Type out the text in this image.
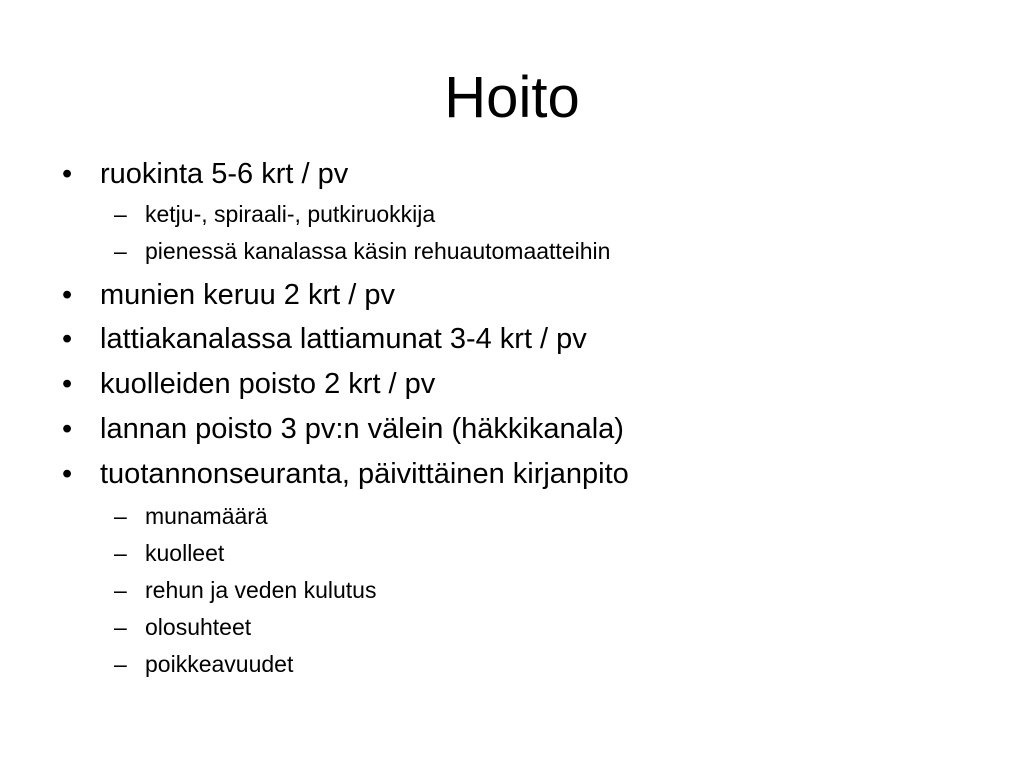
Hoito
• ruokinta 5-6 krt / pv
– ketju-, spiraali-, putkiruokkija
– pienessä kanalassa käsin rehuautomaatteihin
• munien keruu 2 krt / pv
• lattiakanalassa lattiamunat 3-4 krt / pv
• kuolleiden poisto 2 krt / pv
• lannan poisto 3 pv:n välein (häkkikanala)
• tuotannonseuranta, päivittäinen kirjanpito
– munamäärä
– kuolleet
– rehun ja veden kulutus
– olosuhteet
– poikkeavuudet
